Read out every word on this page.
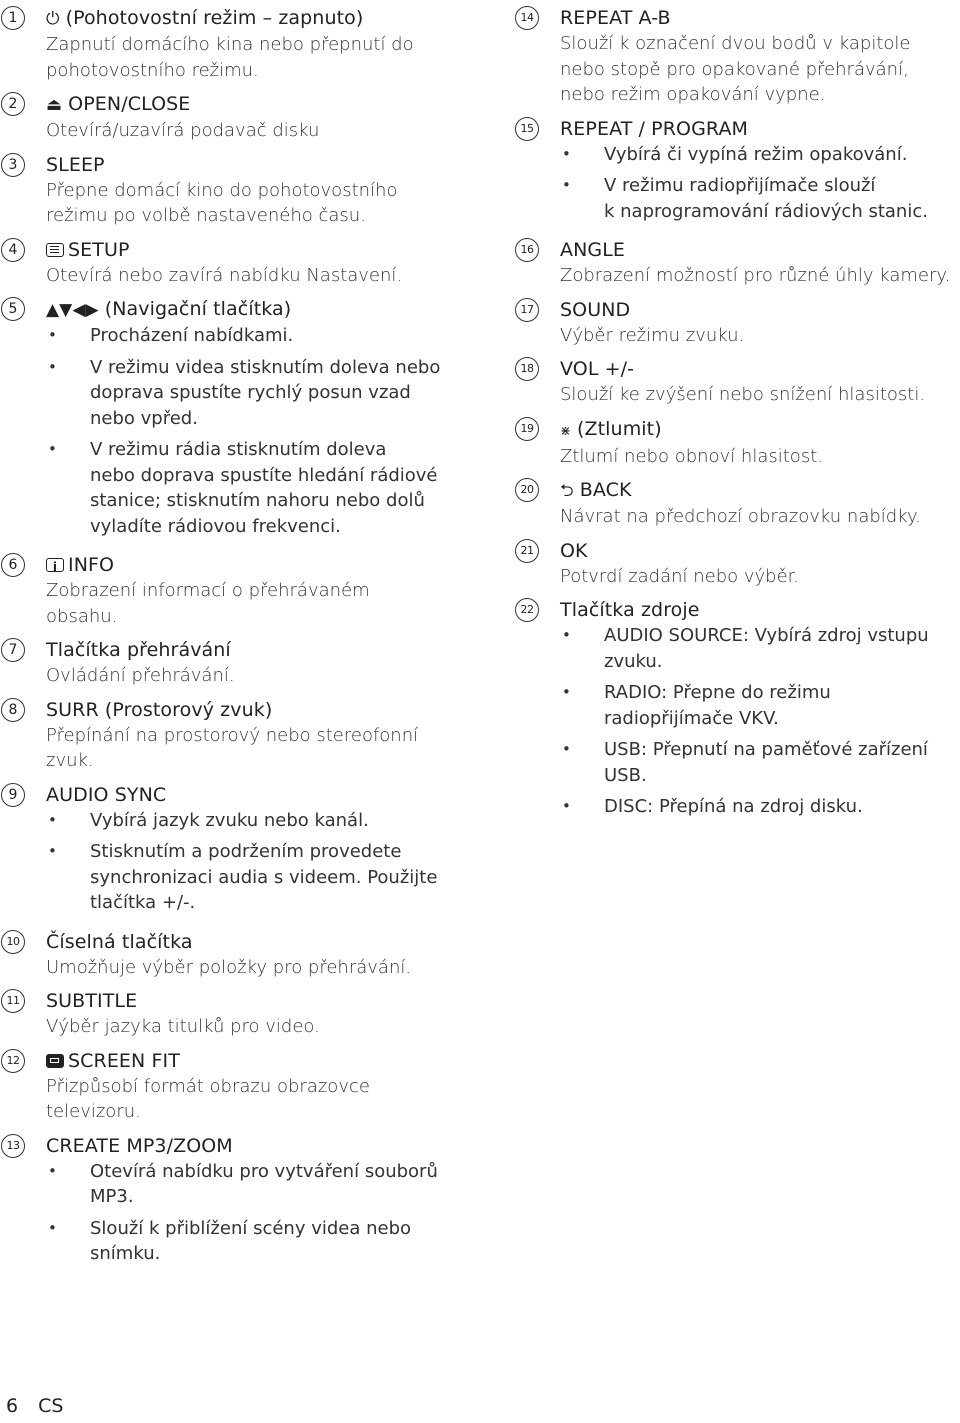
1	⏻ (Pohotovostní režim – zapnuto)
Zapnutí domácího kina nebo přepnutí do
pohotovostního režimu.
2	⏏ OPEN/CLOSE
Otevírá/uzavírá podavač disku
3	SLEEP
Přepne domácí kino do pohotovostního
režimu po volbě nastaveného času.
4	SETUP
Otevírá nebo zavírá nabídku Nastavení.
5	▲▼◀▶ (Navigační tlačítka)
• Procházení nabídkami.
• V režimu videa stisknutím doleva nebo
doprava spustíte rychlý posun vzad
nebo vpřed.
• V režimu rádia stisknutím doleva
nebo doprava spustíte hledání rádiové
stanice; stisknutím nahoru nebo dolů
vyladíte rádiovou frekvenci.
6
i	INFO
Zobrazení informací o přehrávaném
obsahu.
7	Tlačítka přehrávání
Ovládání přehrávání.
8	SURR (Prostorový zvuk)
Přepínání na prostorový nebo stereofonní
zvuk.
9	AUDIO SYNC
• Vybírá jazyk zvuku nebo kanál.
• Stisknutím a podržením provedete
synchronizaci audia s videem. Použijte
tlačítka +/-.
10 Číselná tlačítka
Umožňuje výběr položky pro přehrávání.
11 SUBTITLE
Výběr jazyka titulků pro video.
12	SCREEN FIT
Přizpůsobí formát obrazu obrazovce
televizoru.
13 CREATE MP3/ZOOM
• Otevírá nabídku pro vytváření souborů
MP3.
• Slouží k přiblížení scény videa nebo
snímku.
14 REPEAT A-B
Slouží k označení dvou bodů v kapitole
nebo stopě pro opakované přehrávání,
nebo režim opakování vypne.
15 REPEAT / PROGRAM
• Vybírá či vypíná režim opakování.
• V režimu radiopřijímače slouží
k naprogramování rádiových stanic.
16 ANGLE
Zobrazení možností pro různé úhly kamery.
17 SOUND
Výběr režimu zvuku.
18 VOL +/-
Slouží ke zvýšení nebo snížení hlasitosti.
19	⋇ (Ztlumit)
Ztlumí nebo obnoví hlasitost.
20	⮌ BACK
Návrat na předchozí obrazovku nabídky.
21 OK
Potvrdí zadání nebo výběr.
22 Tlačítka zdroje
• AUDIO SOURCE: Vybírá zdroj vstupu
zvuku.
• RADIO: Přepne do režimu
radiopřijímače VKV.
• USB: Přepnutí na paměťové zařízení
USB.
• DISC: Přepíná na zdroj disku.
6 CS
